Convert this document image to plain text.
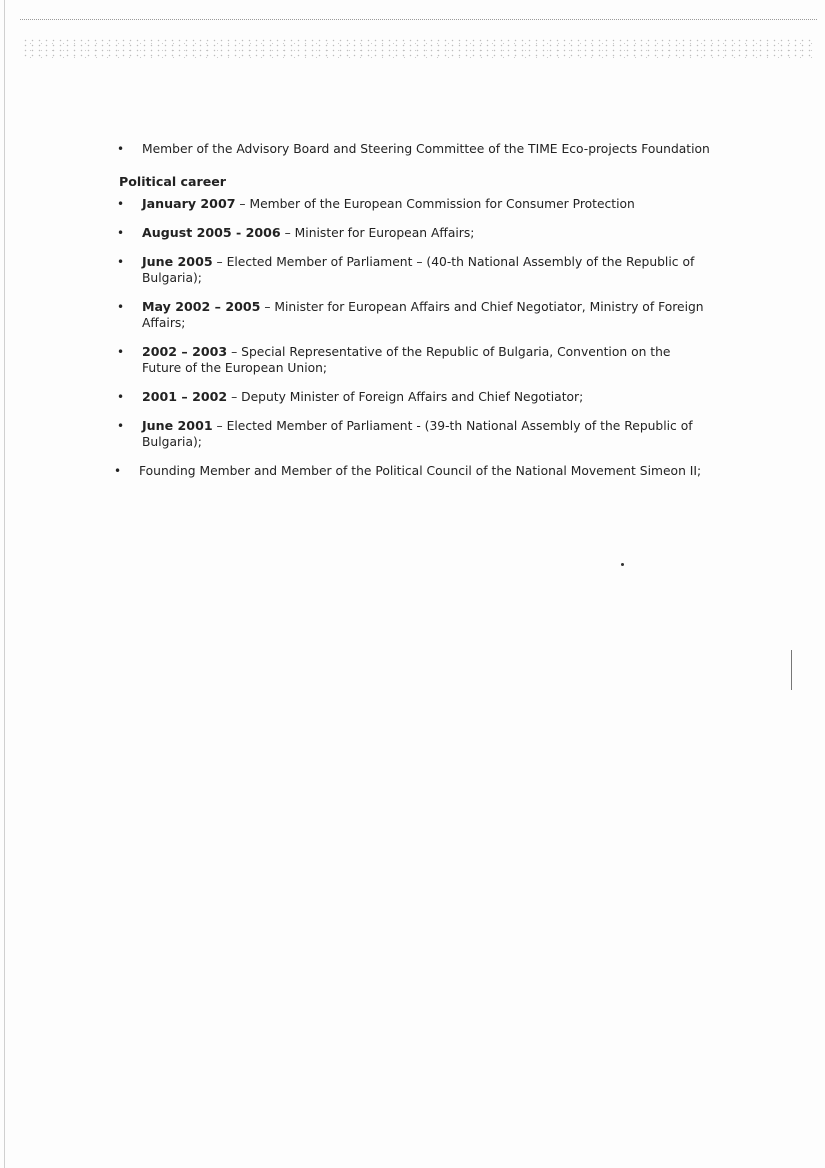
• Member of the Advisory Board and Steering Committee of the TIME Eco-projects Foundation
Political career
• January 2007 – Member of the European Commission for Consumer Protection
• August 2005 - 2006 – Minister for European Affairs;
• June 2005 – Elected Member of Parliament – (40-th National Assembly of the Republic of Bulgaria);
• May 2002 – 2005 – Minister for European Affairs and Chief Negotiator, Ministry of Foreign Affairs;
• 2002 – 2003 – Special Representative of the Republic of Bulgaria, Convention on the Future of the European Union;
• 2001 – 2002 – Deputy Minister of Foreign Affairs and Chief Negotiator;
• June 2001 – Elected Member of Parliament - (39-th National Assembly of the Republic of Bulgaria);
• Founding Member and Member of the Political Council of the National Movement Simeon II;
